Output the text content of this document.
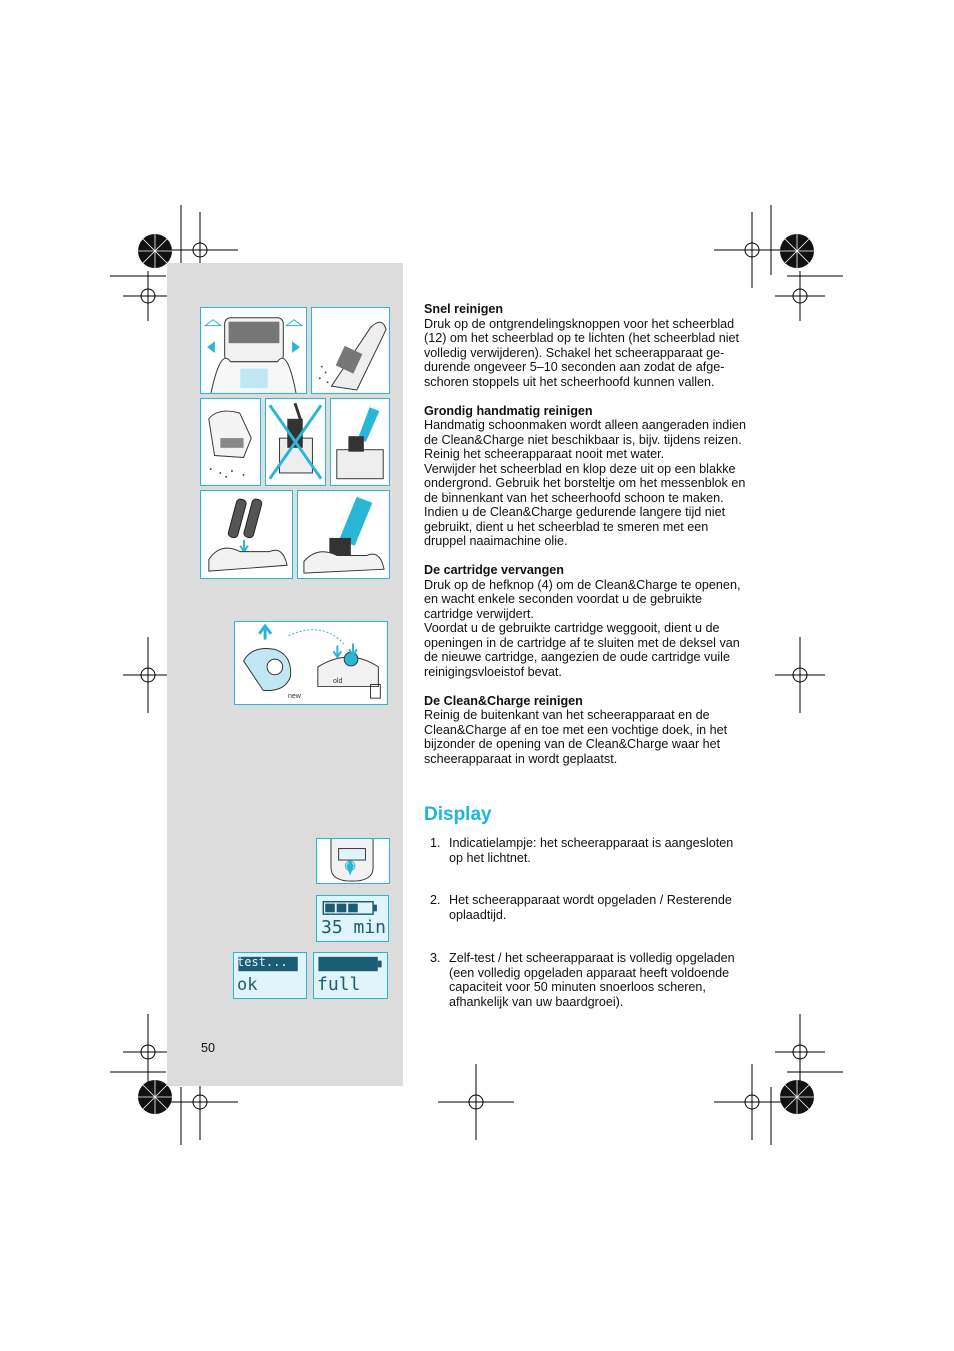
new
old
35 min
test...
ok	full
Snel reinigen

Druk op de ontgrendelingsknoppen voor het scheerblad

(12) om het scheerblad op te lichten (het scheerblad niet

volledig verwijderen). Schakel het scheerapparaat ge-

durende ongeveer 5–10 seconden aan zodat de afge-

schoren stoppels uit het scheerhoofd kunnen vallen.

Grondig handmatig reinigen

Handmatig schoonmaken wordt alleen aangeraden indien

de Clean&Charge niet beschikbaar is, bijv. tijdens reizen.

Reinig het scheerapparaat nooit met water.

Verwijder het scheerblad en klop deze uit op een blakke

ondergrond. Gebruik het borsteltje om het messenblok en

de binnenkant van het scheerhoofd schoon te maken.

Indien u de Clean&Charge gedurende langere tijd niet

gebruikt, dient u het scheerblad te smeren met een

druppel naaimachine olie.

De cartridge vervangen

Druk op de hefknop (4) om de Clean&Charge te openen,

en wacht enkele seconden voordat u de gebruikte

cartridge verwijdert.

Voordat u de gebruikte cartridge weggooit, dient u de

openingen in de cartridge af te sluiten met de deksel van

de nieuwe cartridge, aangezien de oude cartridge vuile

reinigingsvloeistof bevat.

De Clean&Charge reinigen

Reinig de buitenkant van het scheerapparaat en de

Clean&Charge af en toe met een vochtige doek, in het

bijzonder de opening van de Clean&Charge waar het

scheerapparaat in wordt geplaatst.

Display
1. Indicatielampje: het scheerapparaat is aangesloten
op het lichtnet.
2. Het scheerapparaat wordt opgeladen / Resterende
oplaadtijd.
3. Zelf-test / het scheerapparaat is volledig opgeladen
(een volledig opgeladen apparaat heeft voldoende
capaciteit voor 50 minuten snoerloos scheren,
afhankelijk van uw baardgroei).
50
